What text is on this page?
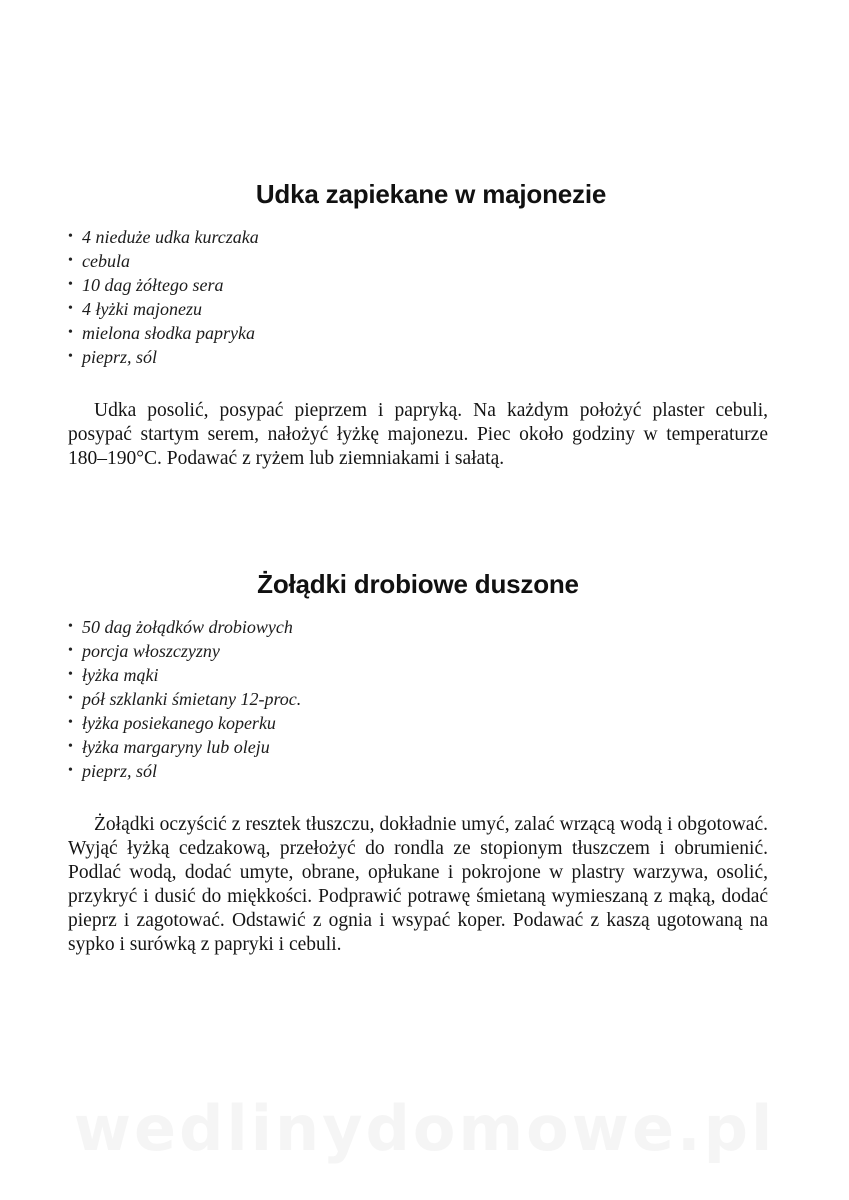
Udka zapiekane w majonezie
• 4 nieduże udka kurczaka
• cebula
• 10 dag żółtego sera
• 4 łyżki majonezu
• mielona słodka papryka
• pieprz, sól

Udka posolić, posypać pieprzem i papryką. Na każdym położyć plaster cebuli, posypać startym serem, nałożyć łyżkę majonezu. Piec około godziny w temperaturze 180–190°C. Podawać z ryżem lub ziemniakami i sałatą.

Żołądki drobiowe duszone
• 50 dag żołądków drobiowych
• porcja włoszczyzny
• łyżka mąki
• pół szklanki śmietany 12-proc.
• łyżka posiekanego koperku
• łyżka margaryny lub oleju
• pieprz, sól

Żołądki oczyścić z resztek tłuszczu, dokładnie umyć, zalać wrzącą wodą i obgotować. Wyjąć łyżką cedzakową, przełożyć do rondla ze stopionym tłuszczem i obrumienić. Podlać wodą, dodać umyte, obrane, opłukane i pokrojone w plastry warzywa, osolić, przykryć i dusić do miękkości. Podprawić potrawę śmietaną wymieszaną z mąką, dodać pieprz i zagotować. Odstawić z ognia i wsypać koper. Podawać z kaszą ugotowaną na sypko i surówką z papryki i cebuli.

wedlinydomowe.pl
